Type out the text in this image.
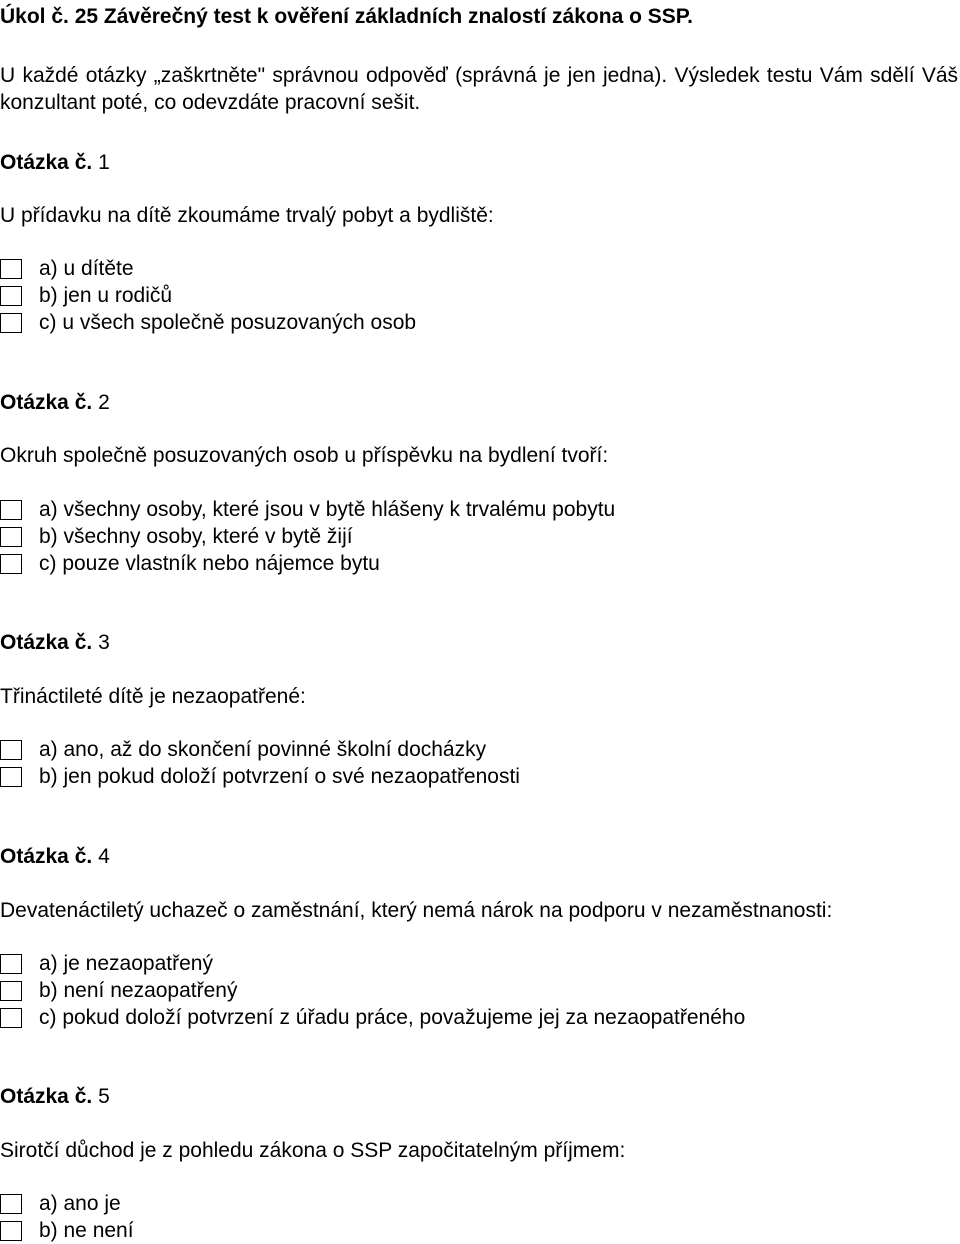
Úkol č. 25 Závěrečný test k ověření základních znalostí zákona o SSP.
U každé otázky „zaškrtněte" správnou odpověď (správná je jen jedna). Výsledek testu Vám sdělí Váš konzultant poté, co odevzdáte pracovní sešit.
Otázka č. 1
U přídavku na dítě zkoumáme trvalý pobyt a bydliště:
a) u dítěte
b) jen u rodičů
c) u všech společně posuzovaných osob
Otázka č. 2
Okruh společně posuzovaných osob u příspěvku na bydlení tvoří:
a) všechny osoby, které jsou v bytě hlášeny k trvalému pobytu
b) všechny osoby, které v bytě žijí
c) pouze vlastník nebo nájemce bytu
Otázka č. 3
Třináctileté dítě je nezaopatřené:
a) ano, až do skončení povinné školní docházky
b) jen pokud doloží potvrzení o své nezaopatřenosti
Otázka č. 4
Devatenáctiletý uchazeč o zaměstnání, který nemá nárok na podporu v nezaměstnanosti:
a) je nezaopatřený
b) není nezaopatřený
c) pokud doloží potvrzení z úřadu práce, považujeme jej za nezaopatřeného
Otázka č. 5
Sirotčí důchod je z pohledu zákona o SSP započitatelným příjmem:
a) ano je
b) ne není
